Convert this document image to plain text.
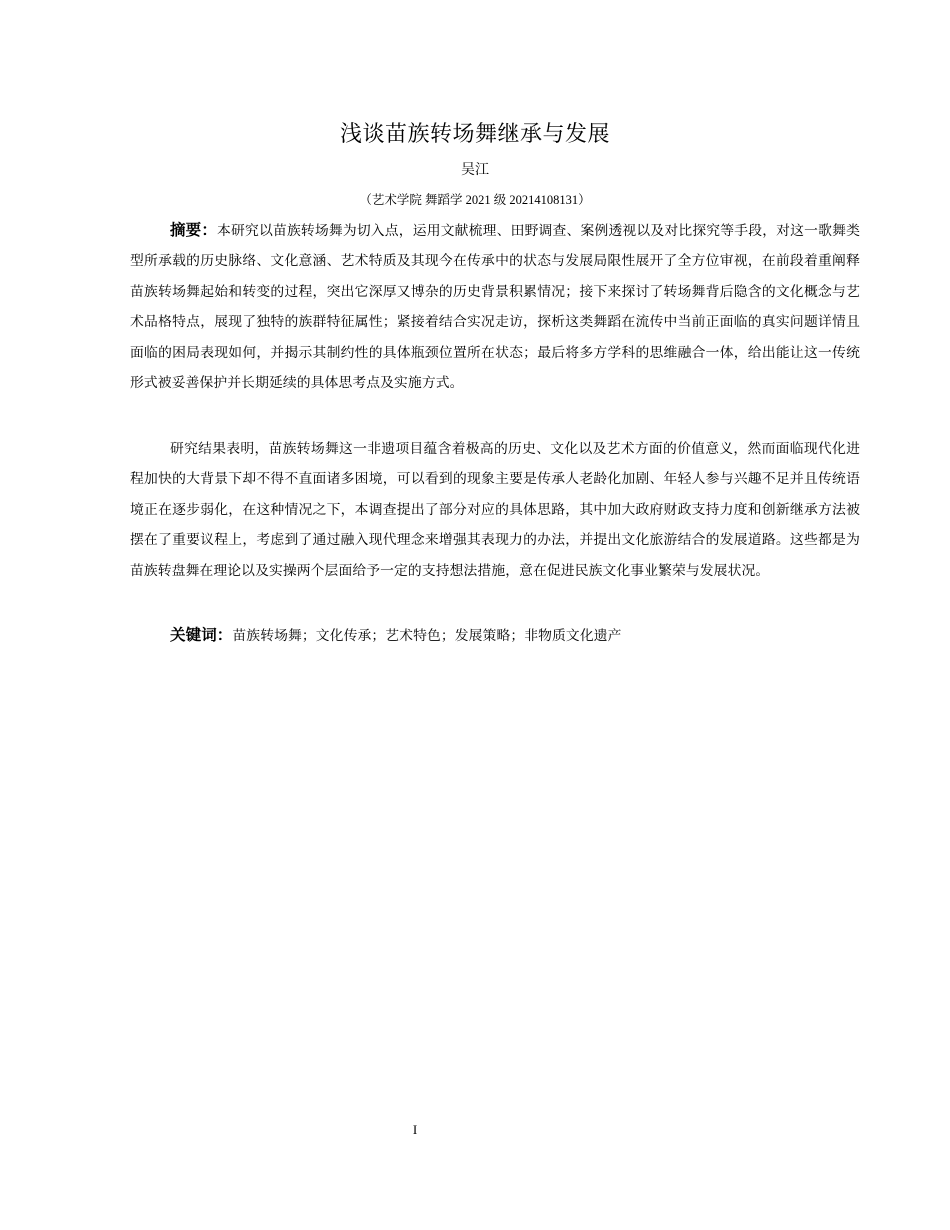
浅谈苗族转场舞继承与发展
吴江
（艺术学院 舞蹈学 2021 级 20214108131）
摘要：本研究以苗族转场舞为切入点，运用文献梳理、田野调查、案例透视以及对比探究等手段，对这一歌舞类型所承载的历史脉络、文化意涵、艺术特质及其现今在传承中的状态与发展局限性展开了全方位审视，在前段着重阐释苗族转场舞起始和转变的过程，突出它深厚又博杂的历史背景积累情况；接下来探讨了转场舞背后隐含的文化概念与艺术品格特点，展现了独特的族群特征属性；紧接着结合实况走访，探析这类舞蹈在流传中当前正面临的真实问题详情且面临的困局表现如何，并揭示其制约性的具体瓶颈位置所在状态；最后将多方学科的思维融合一体，给出能让这一传统形式被妥善保护并长期延续的具体思考点及实施方式。
研究结果表明，苗族转场舞这一非遗项目蕴含着极高的历史、文化以及艺术方面的价值意义，然而面临现代化进程加快的大背景下却不得不直面诸多困境，可以看到的现象主要是传承人老龄化加剧、年轻人参与兴趣不足并且传统语境正在逐步弱化，在这种情况之下，本调查提出了部分对应的具体思路，其中加大政府财政支持力度和创新继承方法被摆在了重要议程上，考虑到了通过融入现代理念来增强其表现力的办法，并提出文化旅游结合的发展道路。这些都是为苗族转盘舞在理论以及实操两个层面给予一定的支持想法措施，意在促进民族文化事业繁荣与发展状况。
关键词：苗族转场舞；文化传承；艺术特色；发展策略；非物质文化遗产
I
